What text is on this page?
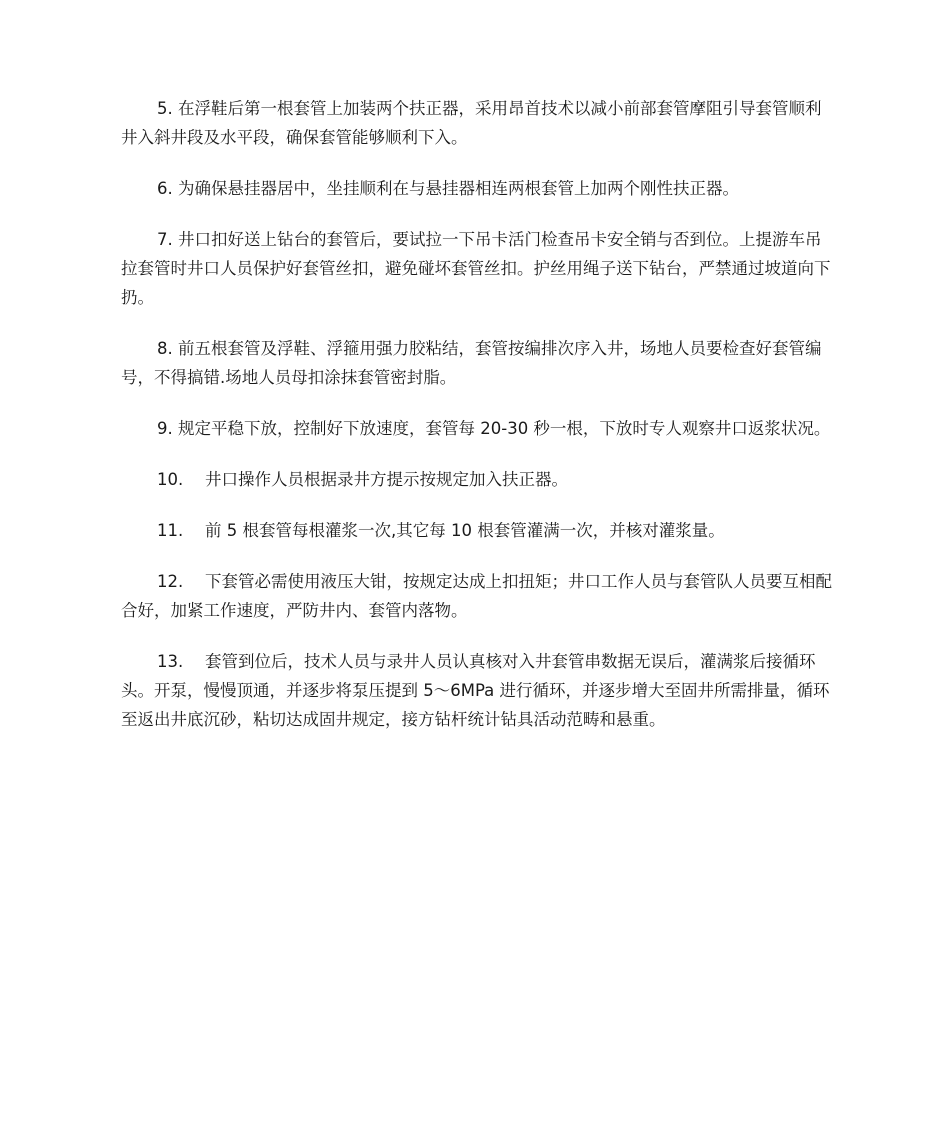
5. 在浮鞋后第一根套管上加装两个扶正器，采用昂首技术以减小前部套管摩阻引导套管顺利井入斜井段及水平段，确保套管能够顺利下入。

6. 为确保悬挂器居中，坐挂顺利在与悬挂器相连两根套管上加两个刚性扶正器。

7. 井口扣好送上钻台的套管后，要试拉一下吊卡活门检查吊卡安全销与否到位。上提游车吊拉套管时井口人员保护好套管丝扣，避免碰坏套管丝扣。护丝用绳子送下钻台，严禁通过坡道向下扔。

8. 前五根套管及浮鞋、浮箍用强力胶粘结，套管按编排次序入井，场地人员要检查好套管编号，不得搞错.场地人员母扣涂抹套管密封脂。

9. 规定平稳下放，控制好下放速度，套管每 20-30 秒一根，下放时专人观察井口返浆状况。

10. 井口操作人员根据录井方提示按规定加入扶正器。

11. 前 5 根套管每根灌浆一次,其它每 10 根套管灌满一次，并核对灌浆量。

12. 下套管必需使用液压大钳，按规定达成上扣扭矩；井口工作人员与套管队人员要互相配合好，加紧工作速度，严防井内、套管内落物。

13. 套管到位后，技术人员与录井人员认真核对入井套管串数据无误后，灌满浆后接循环头。开泵，慢慢顶通，并逐步将泵压提到 5～6MPa 进行循环，并逐步增大至固井所需排量，循环至返出井底沉砂，粘切达成固井规定，接方钻杆统计钻具活动范畴和悬重。
